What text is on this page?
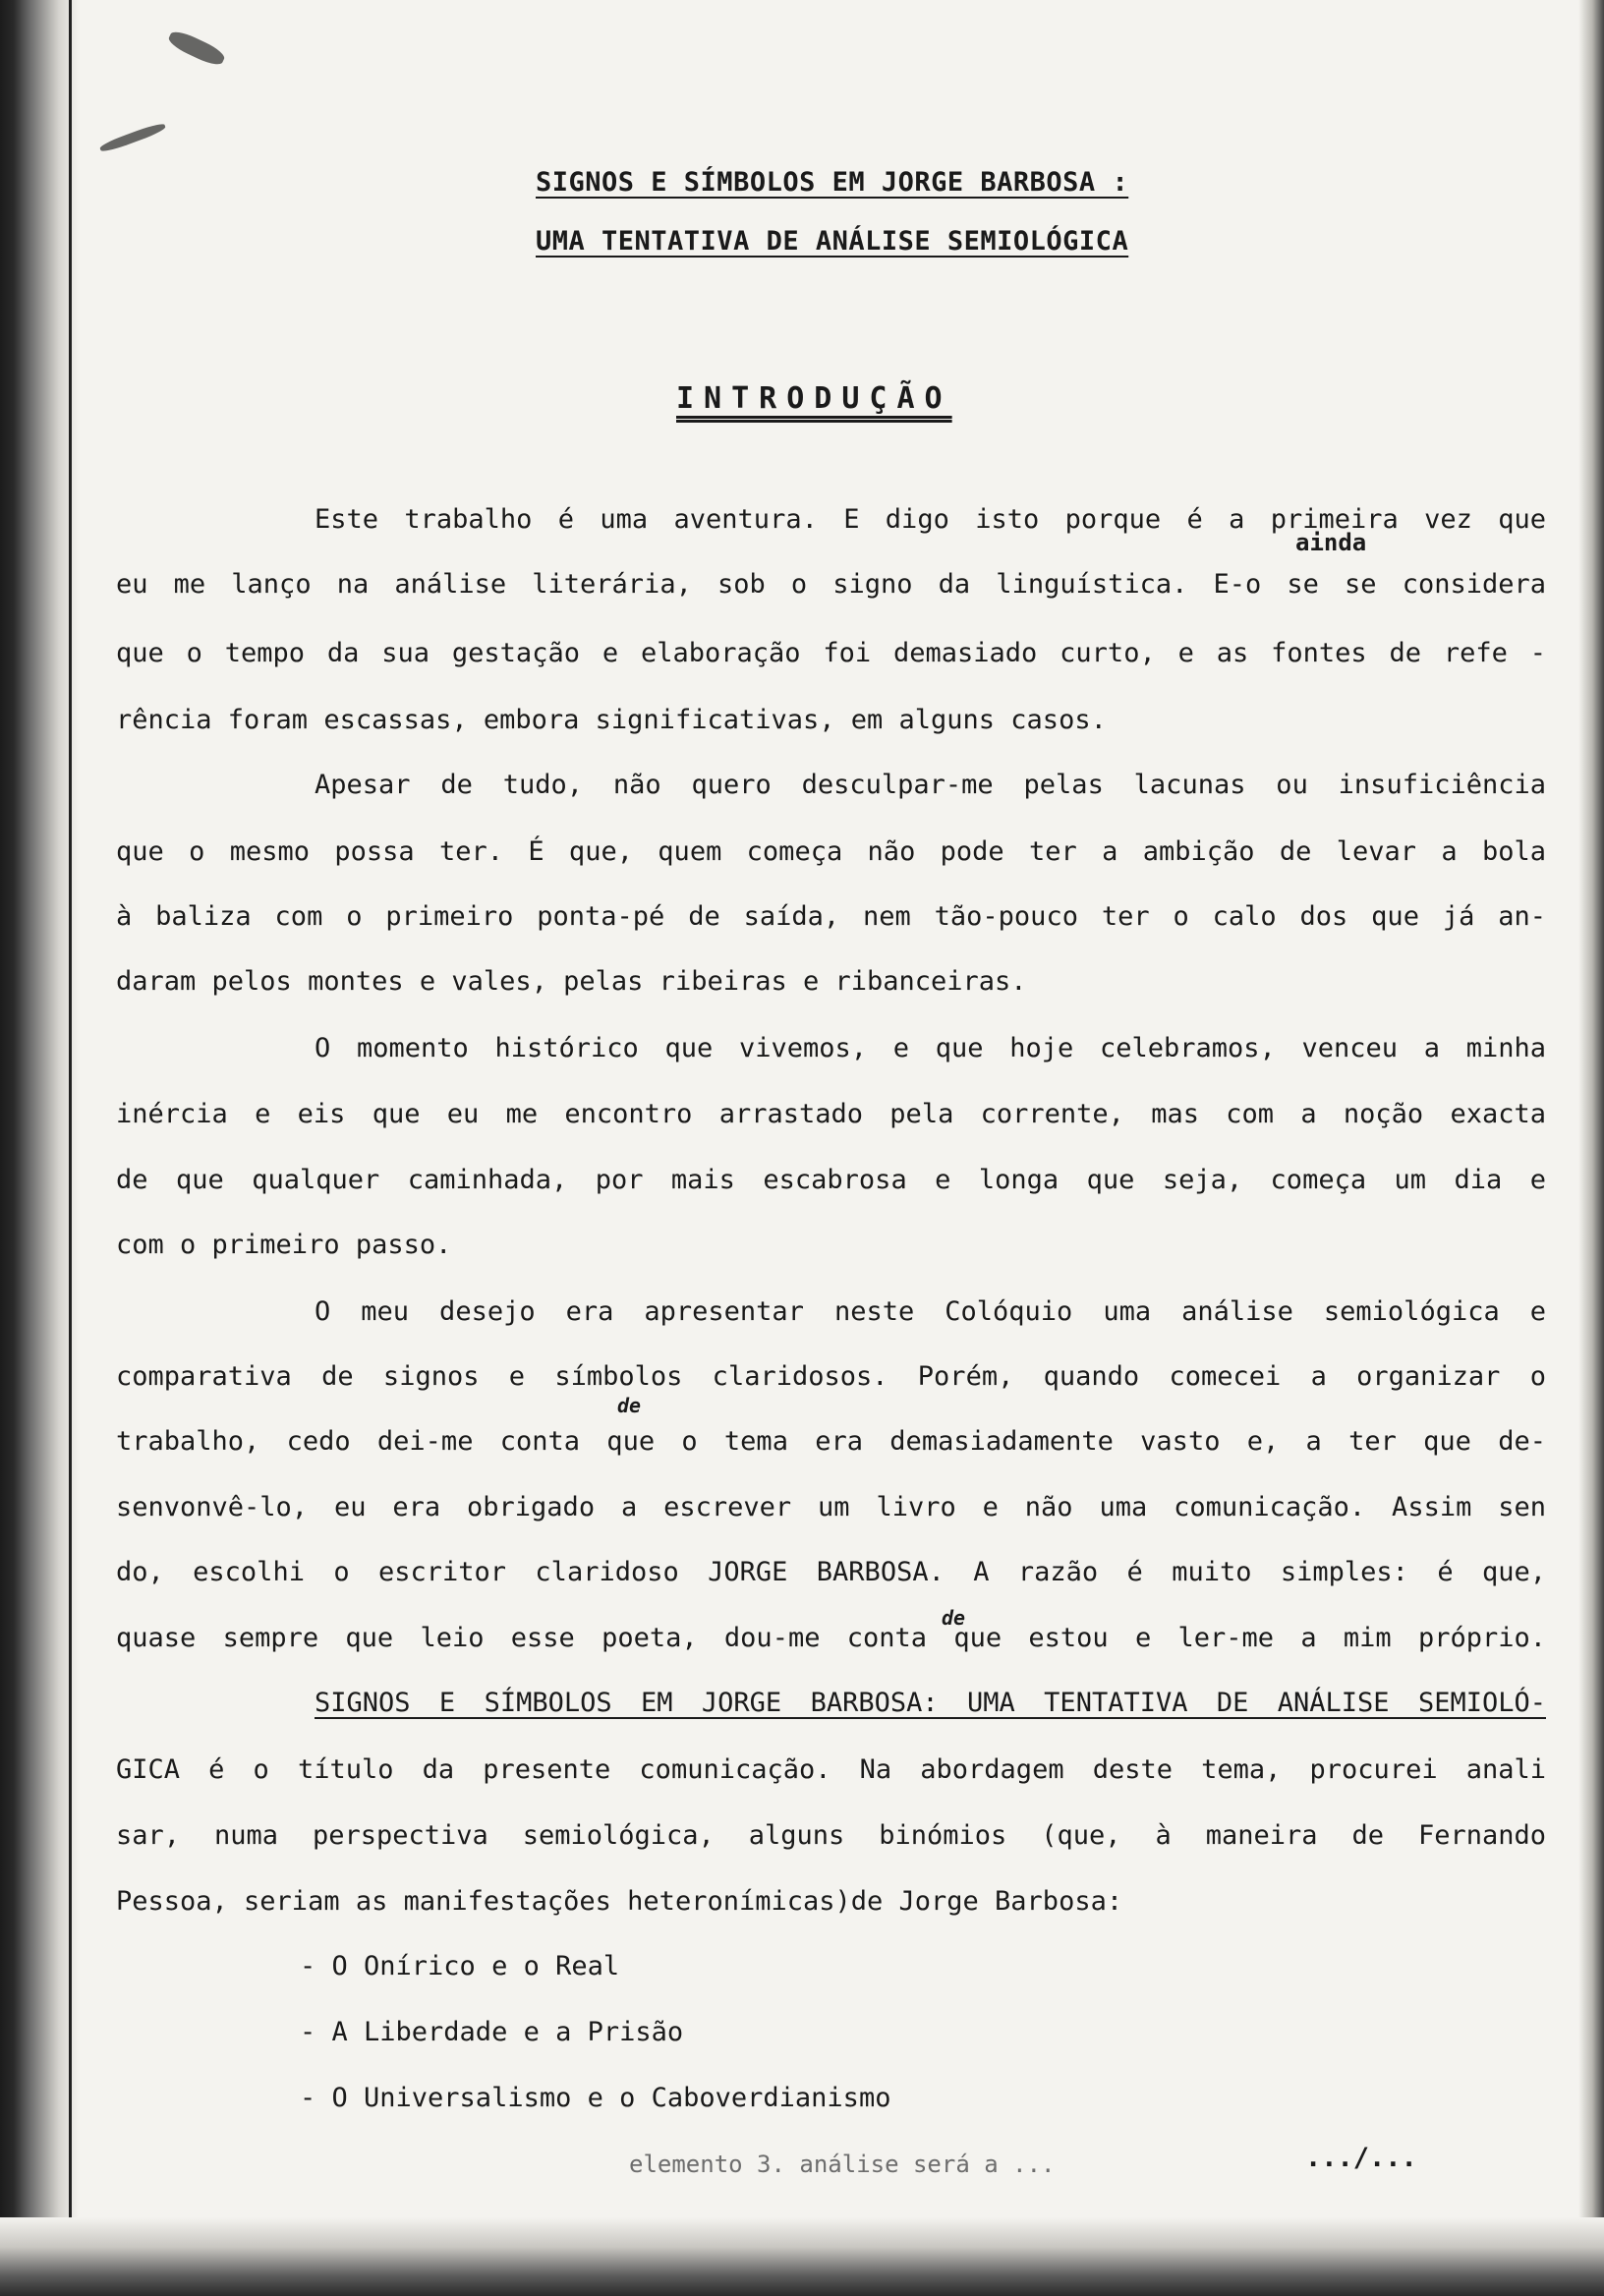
SIGNOS E SÍMBOLOS EM JORGE BARBOSA :
UMA TENTATIVA DE ANÁLISE SEMIOLÓGICA
INTRODUÇÃO
ainda
de
de
Este trabalho é uma aventura. E digo isto porque é a primeira vez que
eu me lanço na análise literária, sob o signo da linguística. E-o se se considera
que o tempo da sua gestação e elaboração foi demasiado curto, e as fontes de refe -
rência foram escassas, embora significativas, em alguns casos.
Apesar de tudo, não quero desculpar-me pelas lacunas ou insuficiência
que o mesmo possa ter. É que, quem começa não pode ter a ambição de levar a bola
à baliza com o primeiro ponta-pé de saída, nem tão-pouco ter o calo dos que já an-
daram pelos montes e vales, pelas ribeiras e ribanceiras.
O momento histórico que vivemos, e que hoje celebramos, venceu a minha
inércia e eis que eu me encontro arrastado pela corrente, mas com a noção exacta
de que qualquer caminhada, por mais escabrosa e longa que seja, começa um dia e
com o primeiro passo.
O meu desejo era apresentar neste Colóquio uma análise semiológica e
comparativa de signos e símbolos claridosos. Porém, quando comecei a organizar o
trabalho, cedo dei-me conta que o tema era demasiadamente vasto e, a ter que de-
senvonvê-lo, eu era obrigado a escrever um livro e não uma comunicação. Assim sen
do, escolhi o escritor claridoso JORGE BARBOSA. A razão é muito simples: é que,
quase sempre que leio esse poeta, dou-me conta que estou e ler-me a mim próprio.
SIGNOS E SÍMBOLOS EM JORGE BARBOSA: UMA TENTATIVA DE ANÁLISE SEMIOLÓ-
GICA é o título da presente comunicação. Na abordagem deste tema, procurei anali
sar, numa perspectiva semiológica, alguns binómios (que, à maneira de Fernando
Pessoa, seriam as manifestações heteronímicas)de Jorge Barbosa:
- O Onírico e o Real
- A Liberdade e a Prisão
- O Universalismo e o Caboverdianismo
elemento 3. análise será a ...	.../...
